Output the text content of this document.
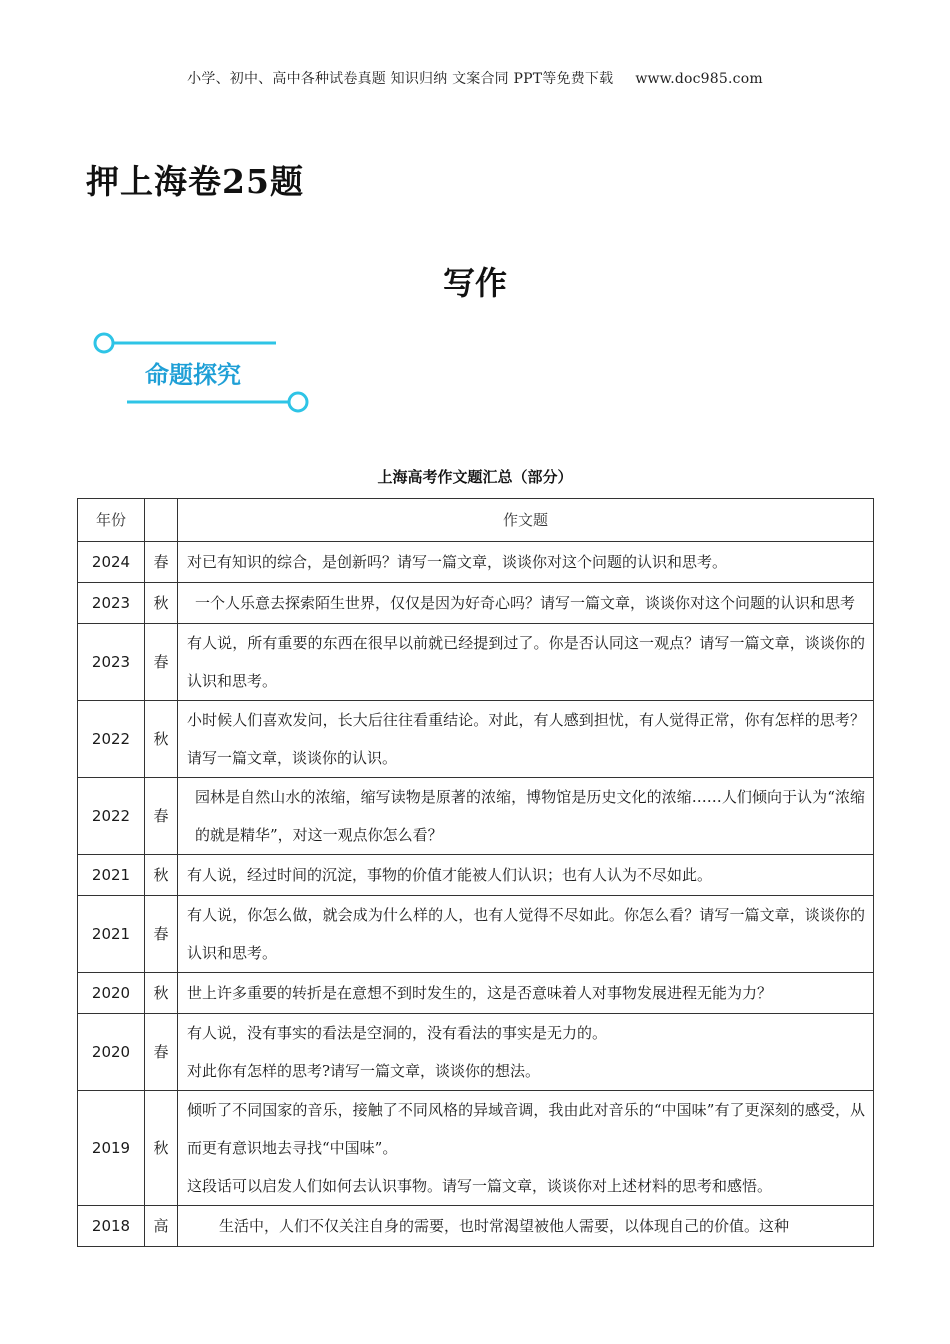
小学、初中、高中各种试卷真题 知识归纳 文案合同 PPT等免费下载 www.doc985.com
押上海卷25题
写作
命题探究
上海高考作文题汇总（部分）
年份		作文题
2024	春	对已有知识的综合，是创新吗？请写一篇文章，谈谈你对这个问题的认识和思考。

2023	秋	一个人乐意去探索陌生世界，仅仅是因为好奇心吗？请写一篇文章，谈谈你对这个问题的认识和思考

2023	春	有人说，所有重要的东西在很早以前就已经提到过了。你是否认同这一观点？请写一篇文章，谈谈你的认识和思考。

2022	秋	小时候人们喜欢发问，长大后往往看重结论。对此，有人感到担忧，有人觉得正常，你有怎样的思考？请写一篇文章，谈谈你的认识。

2022	春	园林是自然山水的浓缩，缩写读物是原著的浓缩，博物馆是历史文化的浓缩……人们倾向于认为“浓缩的就是精华”，对这一观点你怎么看？

2021	秋	有人说，经过时间的沉淀，事物的价值才能被人们认识；也有人认为不尽如此。

2021	春	有人说，你怎么做，就会成为什么样的人，也有人觉得不尽如此。你怎么看？请写一篇文章，谈谈你的认识和思考。

2020	秋	世上许多重要的转折是在意想不到时发生的，这是否意味着人对事物发展进程无能为力？

2020	春	有人说，没有事实的看法是空洞的，没有看法的事实是无力的。
对此你有怎样的思考?请写一篇文章，谈谈你的想法。

2019	秋	倾听了不同国家的音乐，接触了不同风格的异域音调，我由此对音乐的“中国味”有了更深刻的感受，从而更有意识地去寻找“中国味”。
这段话可以启发人们如何去认识事物。请写一篇文章，谈谈你对上述材料的思考和感悟。

2018	高	生活中，人们不仅关注自身的需要，也时常渴望被他人需要，以体现自己的价值。这种
